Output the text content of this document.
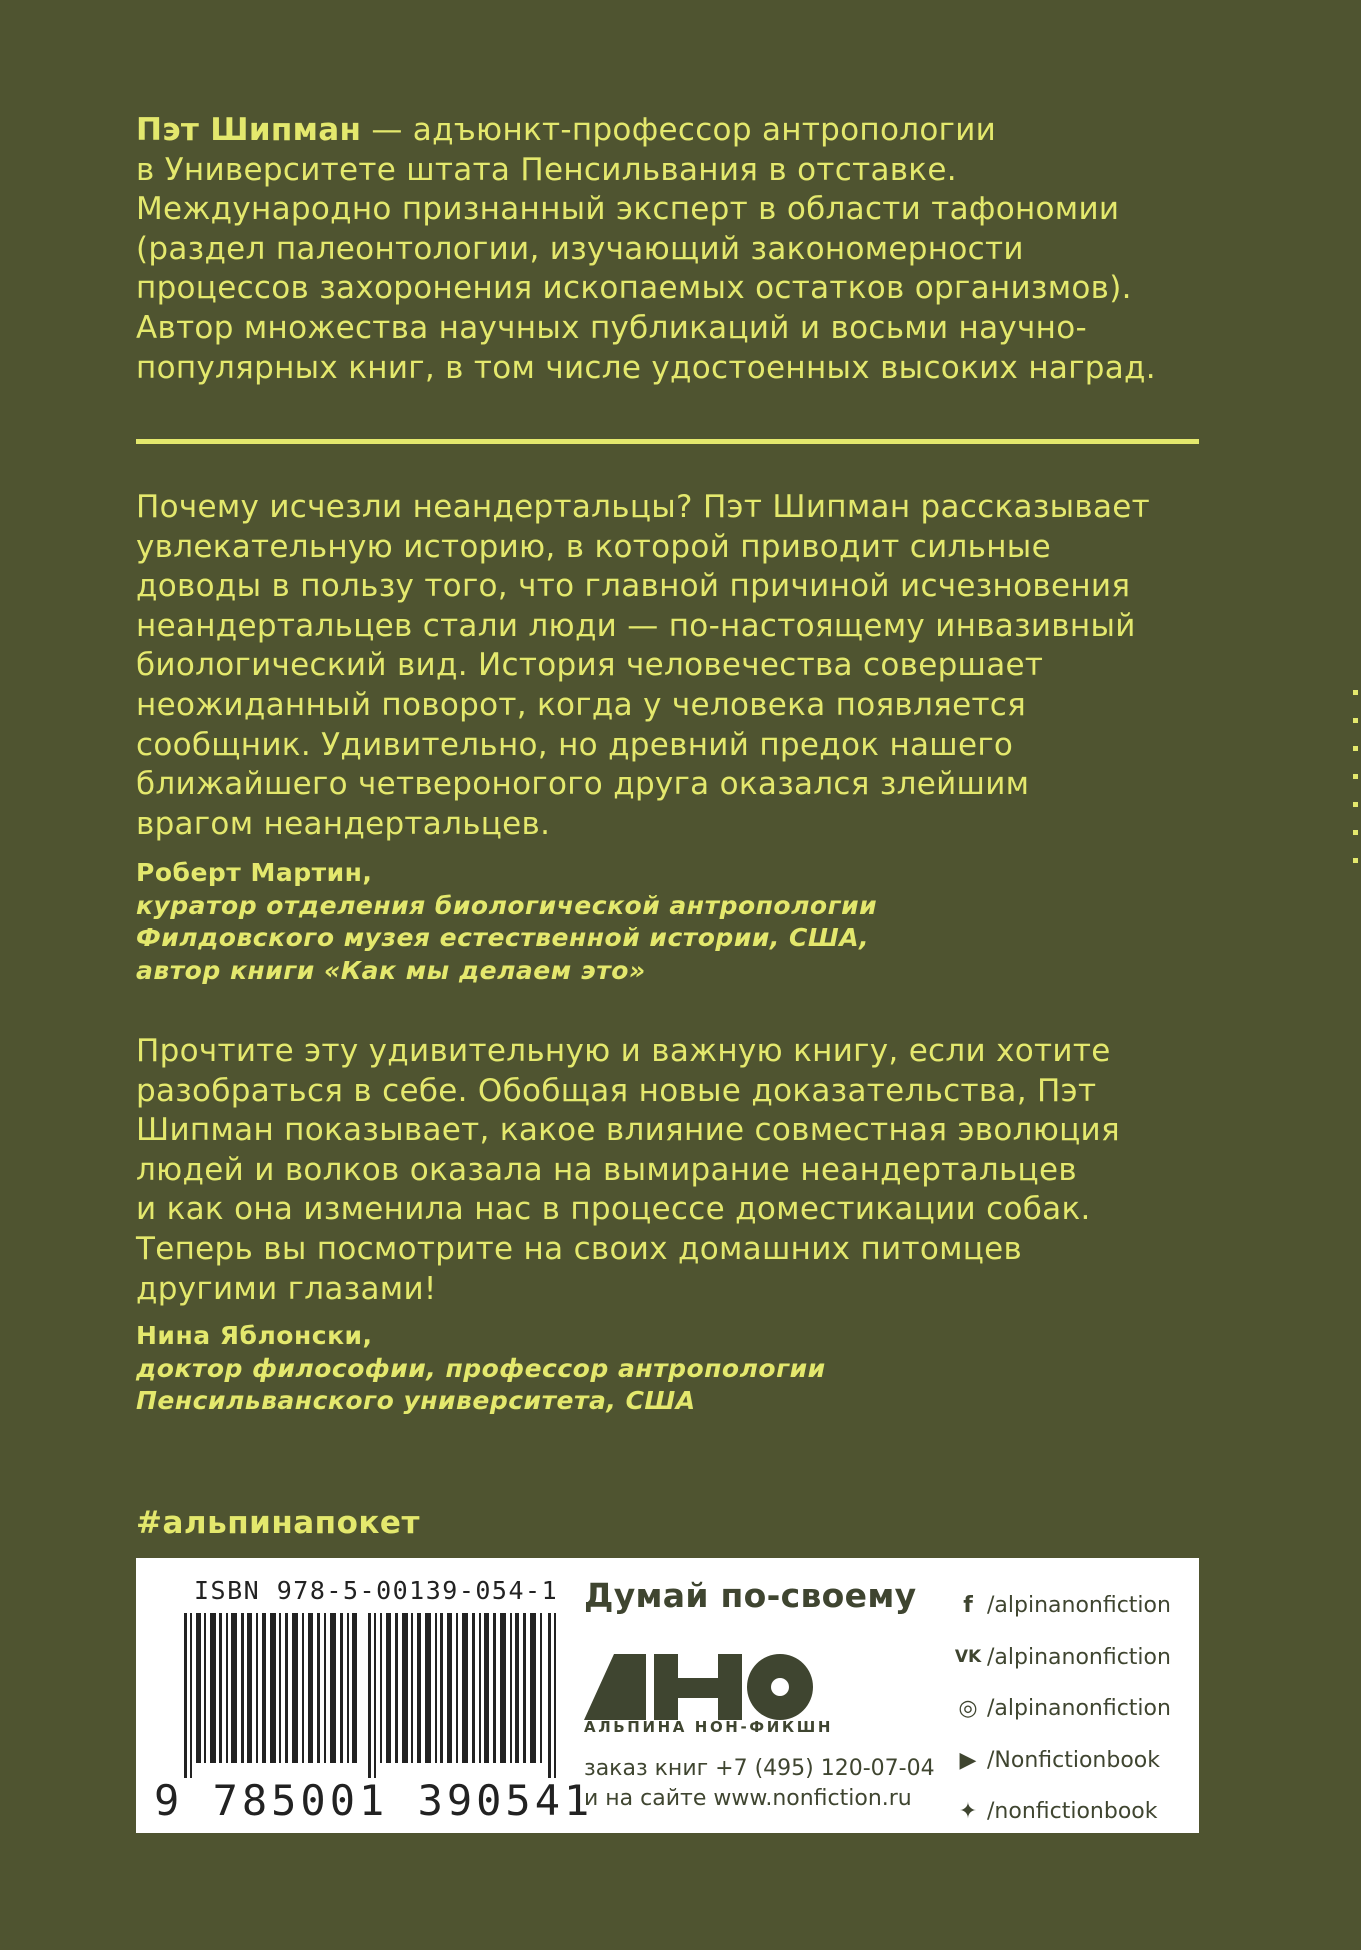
Пэт Шипман — адъюнкт-профессор антропологии

в Университете штата Пенсильвания в отставке.

Международно признанный эксперт в области тафономии

(раздел палеонтологии, изучающий закономерности

процессов захоронения ископаемых остатков организмов).

Автор множества научных публикаций и восьми научно-

популярных книг, в том числе удостоенных высоких наград.

Почему исчезли неандертальцы? Пэт Шипман рассказывает

увлекательную историю, в которой приводит сильные

доводы в пользу того, что главной причиной исчезновения

неандертальцев стали люди — по-настоящему инвазивный

биологический вид. История человечества совершает

неожиданный поворот, когда у человека появляется

сообщник. Удивительно, но древний предок нашего

ближайшего четвероногого друга оказался злейшим

врагом неандертальцев.

Роберт Мартин,

куратор отделения биологической антропологии

Филдовского музея естественной истории, США,

автор книги «Как мы делаем это»

Прочтите эту удивительную и важную книгу, если хотите

разобраться в себе. Обобщая новые доказательства, Пэт

Шипман показывает, какое влияние совместная эволюция

людей и волков оказала на вымирание неандертальцев

и как она изменила нас в процессе доместикации собак.

Теперь вы посмотрите на своих домашних питомцев

другими глазами!

Нина Яблонски,

доктор философии, профессор антропологии

Пенсильванского университета, США

#альпинапокет
ISBN 978-5-00139-054-1
9 785001 390541
Думай по-своему
АЛЬПИНА НОН-ФИКШН
заказ книг +7 (495) 120-07-04
и на сайте www.nonfiction.ru
f /alpinanonfiction
VK /alpinanonfiction
◎ /alpinanonfiction
▶ /Nonfictionbook
✦ /nonfictionbook
